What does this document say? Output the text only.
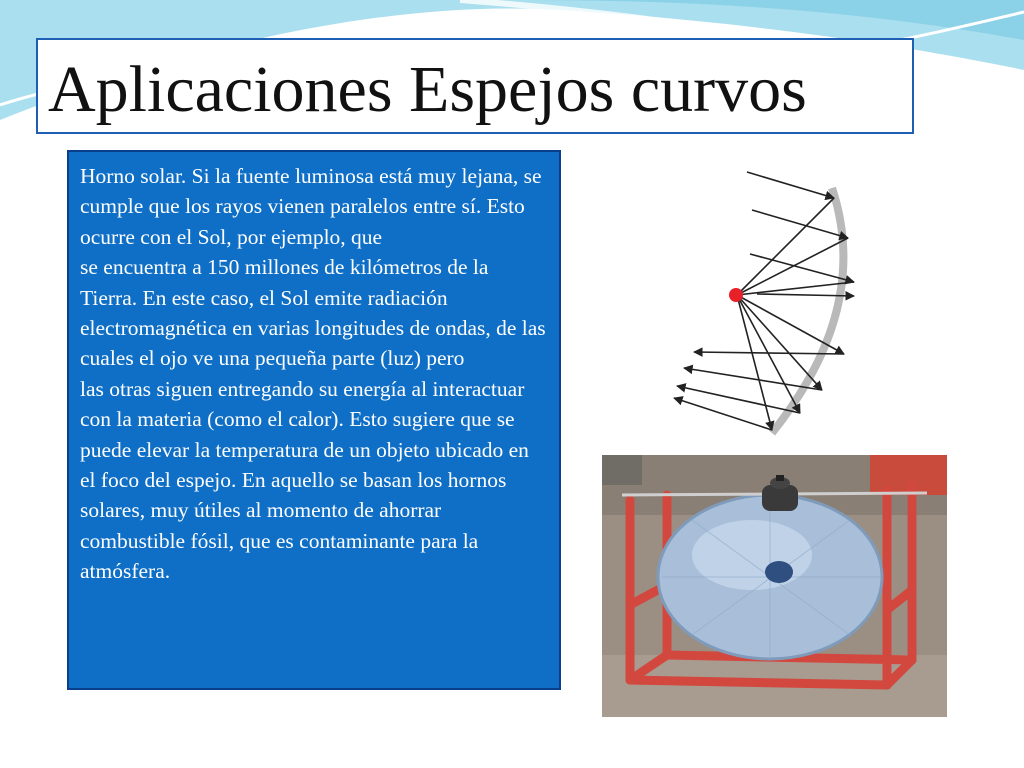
Aplicaciones Espejos curvos

Horno solar. Si la fuente luminosa está muy lejana, se cumple que los rayos vienen paralelos entre sí. Esto ocurre con el Sol, por ejemplo, que

se encuentra a 150 millones de kilómetros de la Tierra. En este caso, el Sol emite radiación electromagnética en varias longitudes de ondas, de las cuales el ojo ve una pequeña parte (luz) pero

las otras siguen entregando su energía al interactuar con la materia (como el calor). Esto sugiere que se puede elevar la temperatura de un objeto ubicado en el foco del espejo. En aquello se basan los hornos solares, muy útiles al momento de ahorrar combustible fósil, que es contaminante para la atmósfera.
